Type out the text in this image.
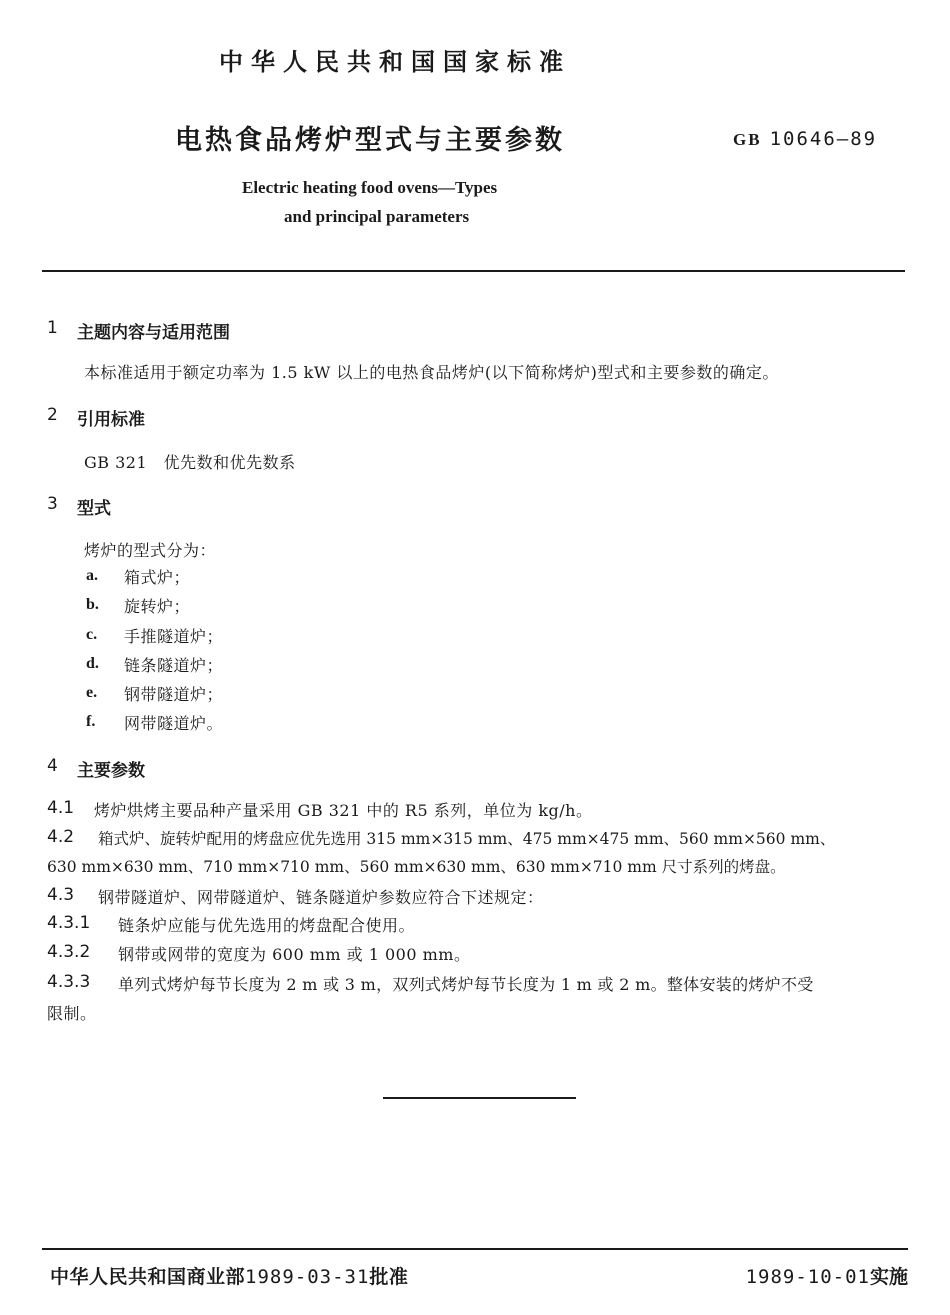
中华人民共和国国家标准
电热食品烤炉型式与主要参数	GB 10646—89
Electric heating food ovens—Types
and principal parameters
1 主题内容与适用范围
本标准适用于额定功率为 1.5 kW 以上的电热食品烤炉(以下简称烤炉)型式和主要参数的确定。
2 引用标准
GB 321　优先数和优先数系
3 型式
烤炉的型式分为：
a. 箱式炉；
b. 旋转炉；
c. 手推隧道炉；
d. 链条隧道炉；
e. 钢带隧道炉；
f. 网带隧道炉。
4 主要参数
4.1 烤炉烘烤主要品种产量采用 GB 321 中的 R5 系列，单位为 kg/h。
4.2 箱式炉、旋转炉配用的烤盘应优先选用 315 mm×315 mm、475 mm×475 mm、560 mm×560 mm、
630 mm×630 mm、710 mm×710 mm、560 mm×630 mm、630 mm×710 mm 尺寸系列的烤盘。
4.3 钢带隧道炉、网带隧道炉、链条隧道炉参数应符合下述规定：
4.3.1 链条炉应能与优先选用的烤盘配合使用。
4.3.2 钢带或网带的宽度为 600 mm 或 1 000 mm。
4.3.3 单列式烤炉每节长度为 2 m 或 3 m，双列式烤炉每节长度为 1 m 或 2 m。整体安装的烤炉不受
限制。
中华人民共和国商业部1989-03-31批准	1989-10-01实施
